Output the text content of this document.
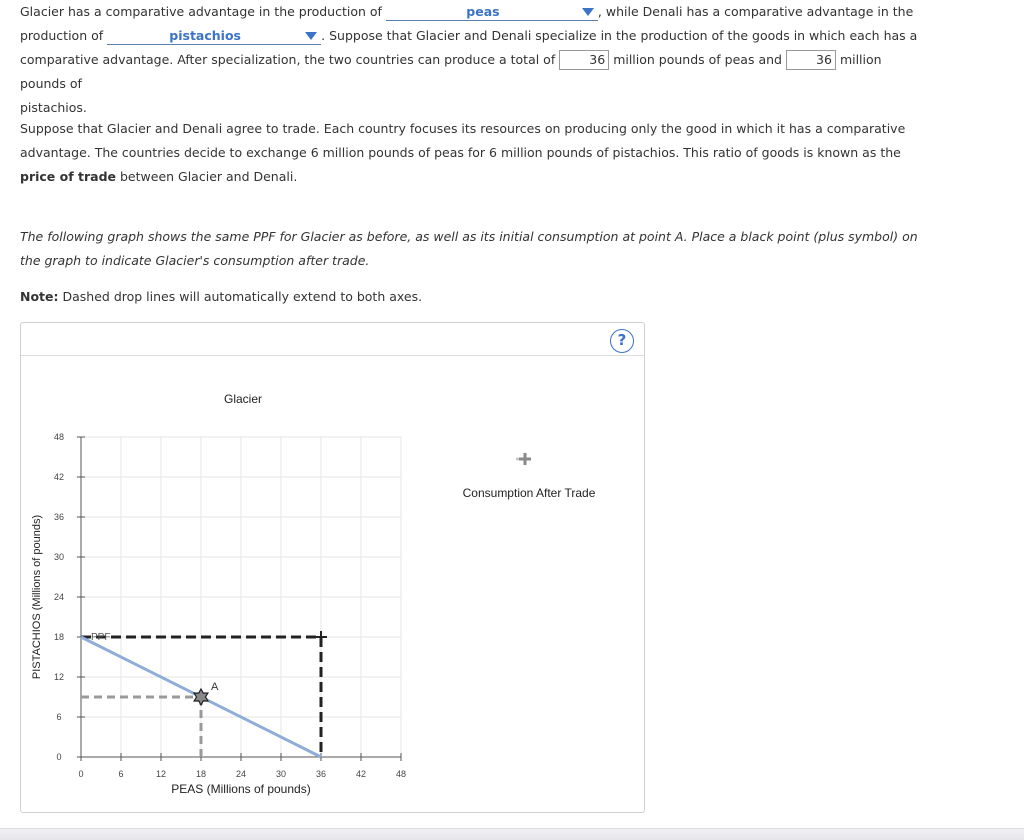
Glacier has a comparative advantage in the production of	peas	, while Denali has a comparative advantage in the
production of	pistachios	. Suppose that Glacier and Denali specialize in the production of the goods in which each has a
comparative advantage. After specialization, the two countries can produce a total of	36 million pounds of peas and	36 million pounds of
pistachios.

Suppose that Glacier and Denali agree to trade. Each country focuses its resources on producing only the good in which it has a comparative advantage. The countries decide to exchange 6 million pounds of peas for 6 million pounds of pistachios. This ratio of goods is known as the price of trade between Glacier and Denali.

The following graph shows the same PPF for Glacier as before, as well as its initial consumption at point A. Place a black point (plus symbol) on the graph to indicate Glacier's consumption after trade.

Note: Dashed drop lines will automatically extend to both axes.

?
0	6	12	18	24	30	36	42	48
0
6
12
18
24
30
36
42
48
PPF
A
Glacier
PEAS (Millions of pounds)
PISTACHIOS (Millions of pounds)
Consumption After Trade
